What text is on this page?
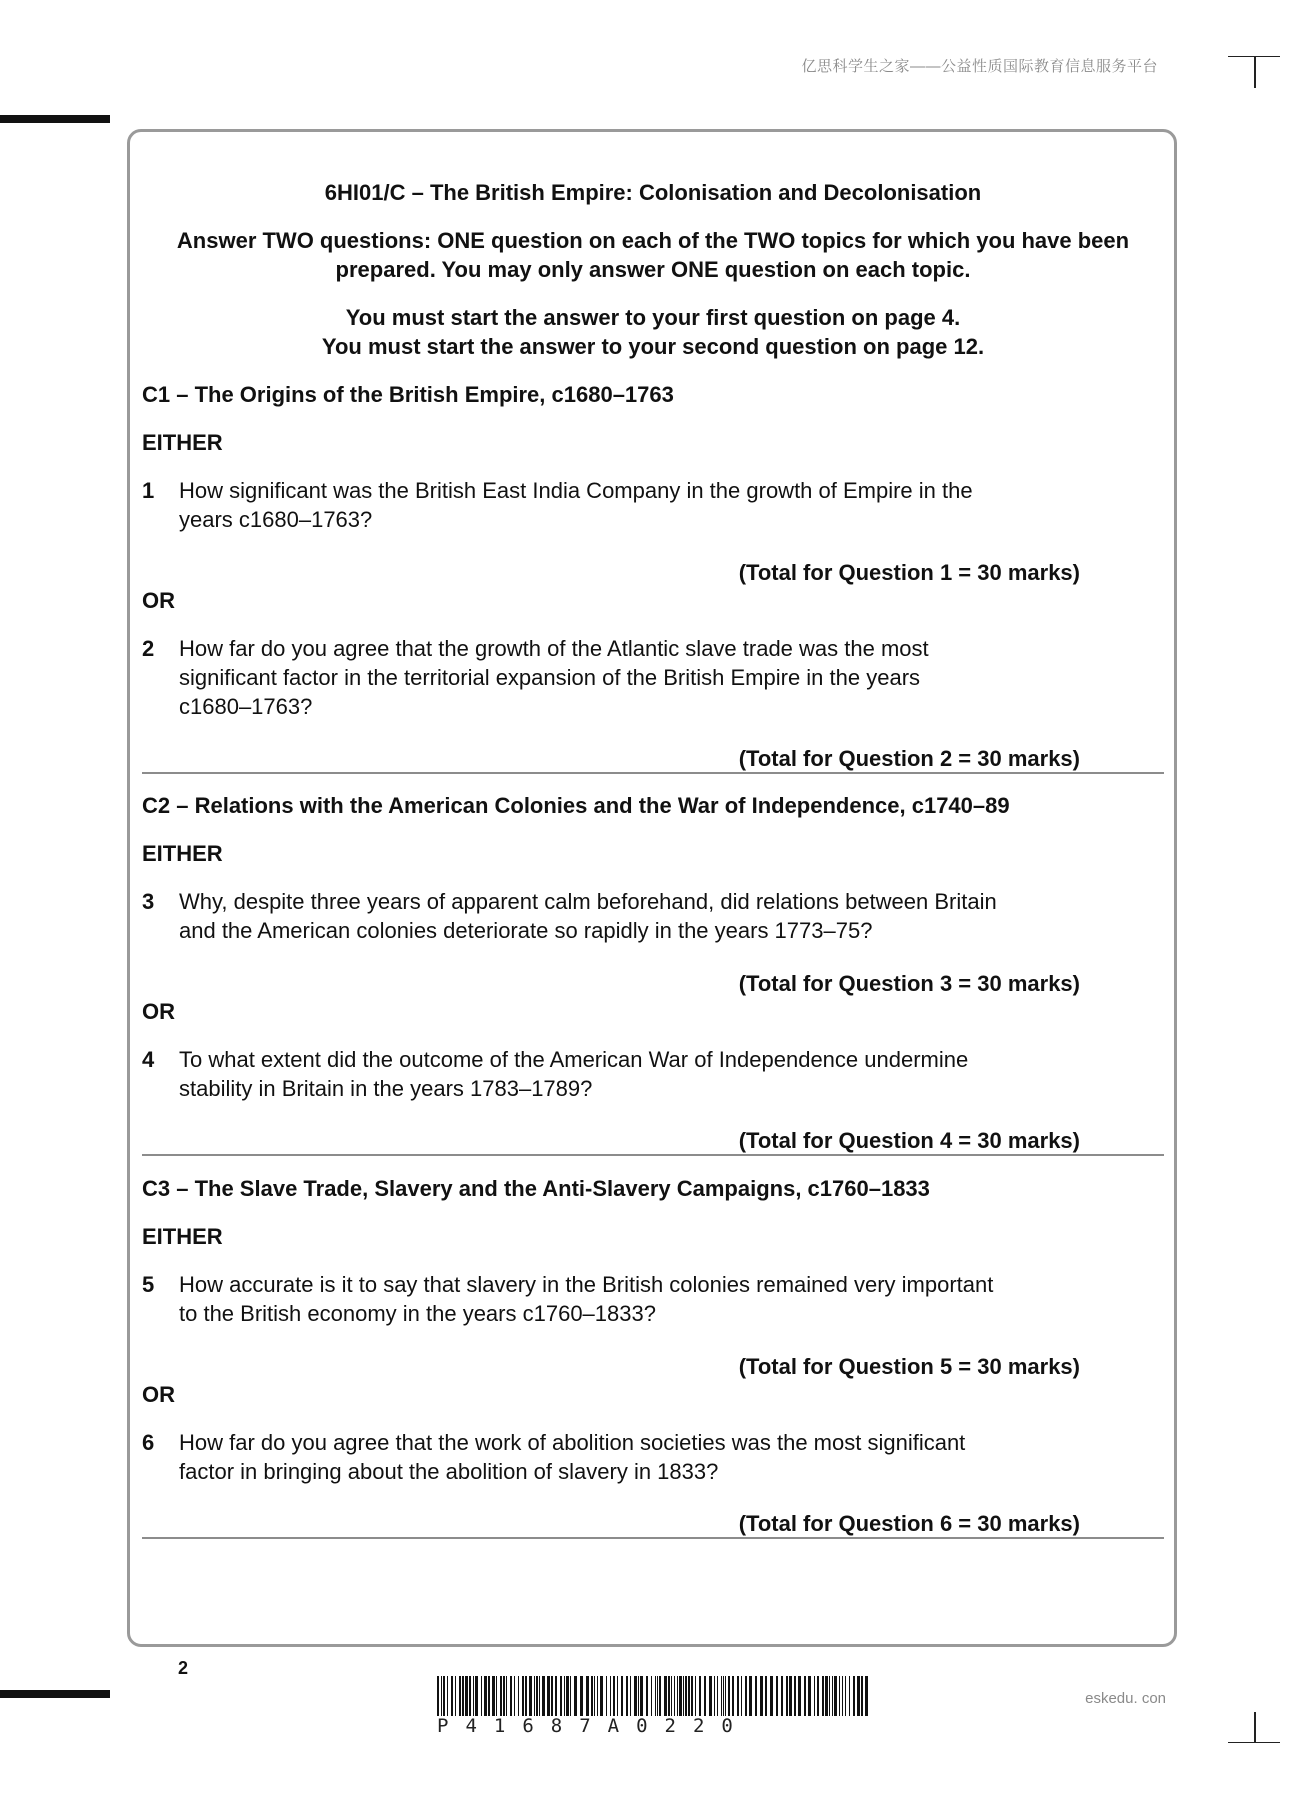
亿思科学生之家——公益性质国际教育信息服务平台
6HI01/C – The British Empire: Colonisation and Decolonisation
Answer TWO questions: ONE question on each of the TWO topics for which you have been
prepared. You may only answer ONE question on each topic.
You must start the answer to your first question on page 4.
You must start the answer to your second question on page 12.
C1 – The Origins of the British Empire, c1680–1763
EITHER
1 How significant was the British East India Company in the growth of Empire in the
years c1680–1763?
(Total for Question 1 = 30 marks)
OR
2 How far do you agree that the growth of the Atlantic slave trade was the most
significant factor in the territorial expansion of the British Empire in the years
c1680–1763?
(Total for Question 2 = 30 marks)
C2 – Relations with the American Colonies and the War of Independence, c1740–89
EITHER
3 Why, despite three years of apparent calm beforehand, did relations between Britain
and the American colonies deteriorate so rapidly in the years 1773–75?
(Total for Question 3 = 30 marks)
OR
4 To what extent did the outcome of the American War of Independence undermine
stability in Britain in the years 1783–1789?
(Total for Question 4 = 30 marks)
C3 – The Slave Trade, Slavery and the Anti-Slavery Campaigns, c1760–1833
EITHER
5 How accurate is it to say that slavery in the British colonies remained very important
to the British economy in the years c1760–1833?
(Total for Question 5 = 30 marks)
OR
6 How far do you agree that the work of abolition societies was the most significant
factor in bringing about the abolition of slavery in 1833?
(Total for Question 6 = 30 marks)
2
P41687A0220
eskedu. con
